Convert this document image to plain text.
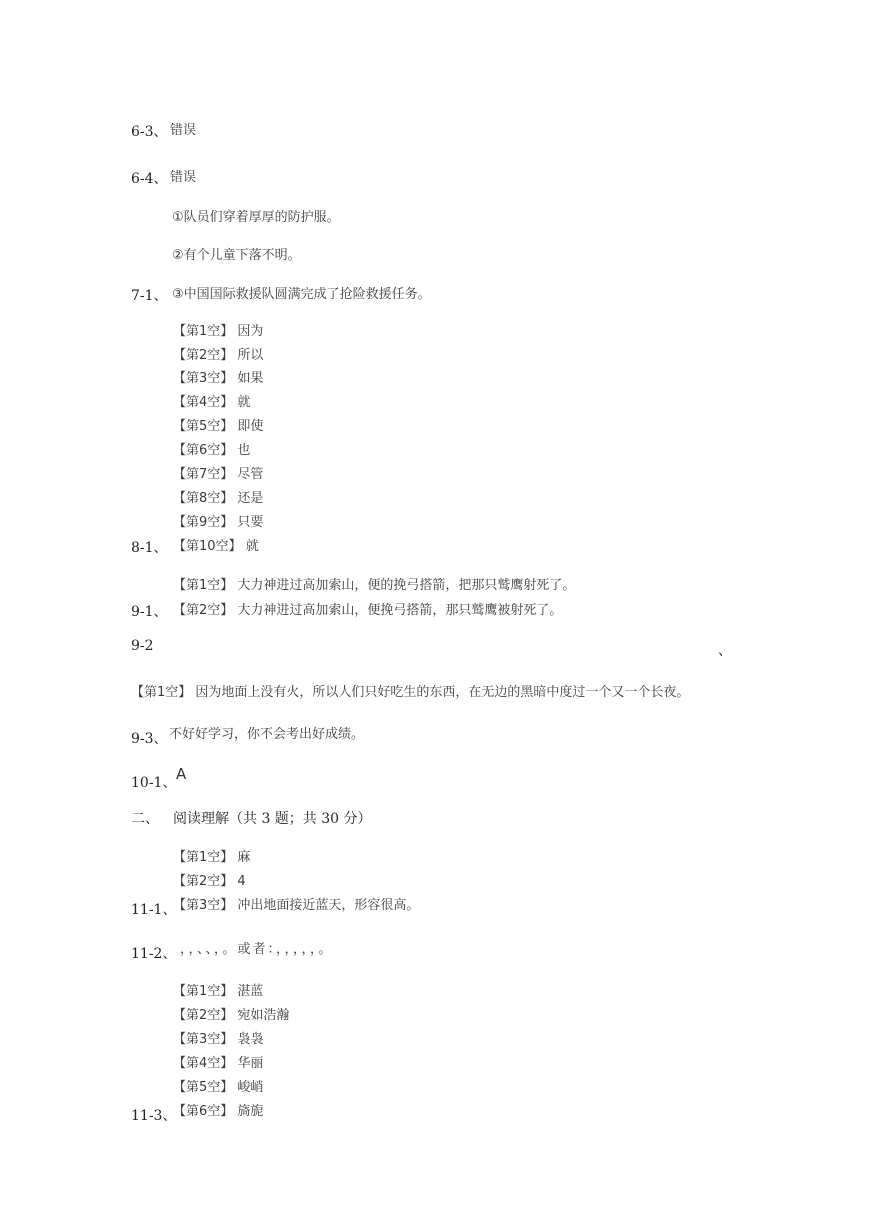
6-3、 错误
6-4、 错误
①队员们穿着厚厚的防护服。
②有个儿童下落不明。
7-1、 ③中国国际救援队圆满完成了抢险救援任务。
【第1空】 因为
【第2空】 所以
【第3空】 如果
【第4空】 就
【第5空】 即使
【第6空】 也
【第7空】 尽管
【第8空】 还是
【第9空】 只要
8-1、 【第10空】 就
【第1空】 大力神进过高加索山，便的挽弓搭箭，把那只鹫鹰射死了。
9-1、 【第2空】 大力神进过高加索山，便挽弓搭箭，那只鹫鹰被射死了。
9-2	、
【第1空】 因为地面上没有火，所以人们只好吃生的东西，在无边的黑暗中度过一个又一个长夜。
9-3、 不好好学习，你不会考出好成绩。
10-1、 A
二、 阅读理解（共 3 题；共 30 分）
【第1空】 麻
【第2空】 4
11-1、
【第3空】 冲出地面接近蓝天，形容很高。
11-2、 ，，、、，。或者：，，，，，。
【第1空】 湛蓝
【第2空】 宛如浩瀚
【第3空】 袅袅
【第4空】 华丽
【第5空】 峻峭
11-3、
【第6空】 旖旎
